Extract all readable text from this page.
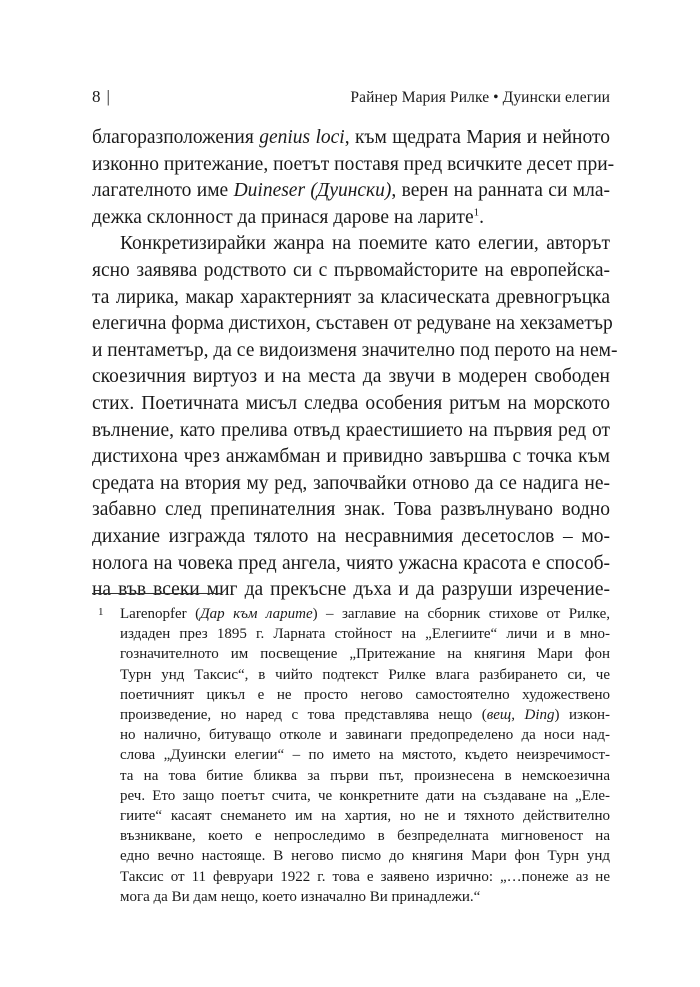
8 |	Райнер Мария Рилке • Дуински елегии
благоразположения genius loci, към щедрата Мария и нейното
изконно притежание, поетът поставя пред всичките десет при-
лагателното име Duineser (Дуински), верен на ранната си мла-
дежка склонност да принася дарове на ларите$^1$.
Конкретизирайки жанра на поемите като елегии, авторът
ясно заявява родството си с първомайсторите на европейска-
та лирика, макар характерният за класическата древногръцка
елегична форма дистихон, съставен от редуване на хекзаметър
и пентаметър, да се видоизменя значително под перото на нем-
скоезичния виртуоз и на места да звучи в модерен свободен
стих. Поетичната мисъл следва особения ритъм на морското
вълнение, като прелива отвъд краестишието на първия ред от
дистихона чрез анжамбман и привидно завършва с точка към
средата на втория му ред, започвайки отново да се надига не-
забавно след препинателния знак. Това развълнувано водно
дихание изгражда тялото на несравнимия десетослов – мо-
нолога на човека пред ангела, чиято ужасна красота е способ-
на във всеки миг да прекъсне дъха и да разруши изречение-
1 Larenopfer (Дар към ларите) – заглавие на сборник стихове от Рилке,
издаден през 1895 г. Ларната стойност на „Елегиите“ личи и в мно-
гозначителното им посвещение „Притежание на княгиня Мари фон
Турн унд Таксис“, в чийто подтекст Рилке влага разбирането си, че
поетичният цикъл е не просто негово самостоятелно художествено
произведение, но наред с това представлява нещо (вещ, Ding) изкон-
но налично, битуващо отколе и завинаги предопределено да носи над-
слова „Дуински елегии“ – по името на мястото, където неизречимост-
та на това битие бликва за първи път, произнесена в немскоезична
реч. Ето защо поетът счита, че конкретните дати на създаване на „Еле-
гиите“ касаят снемането им на хартия, но не и тяхното действително
възникване, което е непроследимо в безпределната мигновеност на
едно вечно настояще. В негово писмо до княгиня Мари фон Турн унд
Таксис от 11 февруари 1922 г. това е заявено изрично: „…понеже аз не
мога да Ви дам нещо, което изначално Ви принадлежи.“
